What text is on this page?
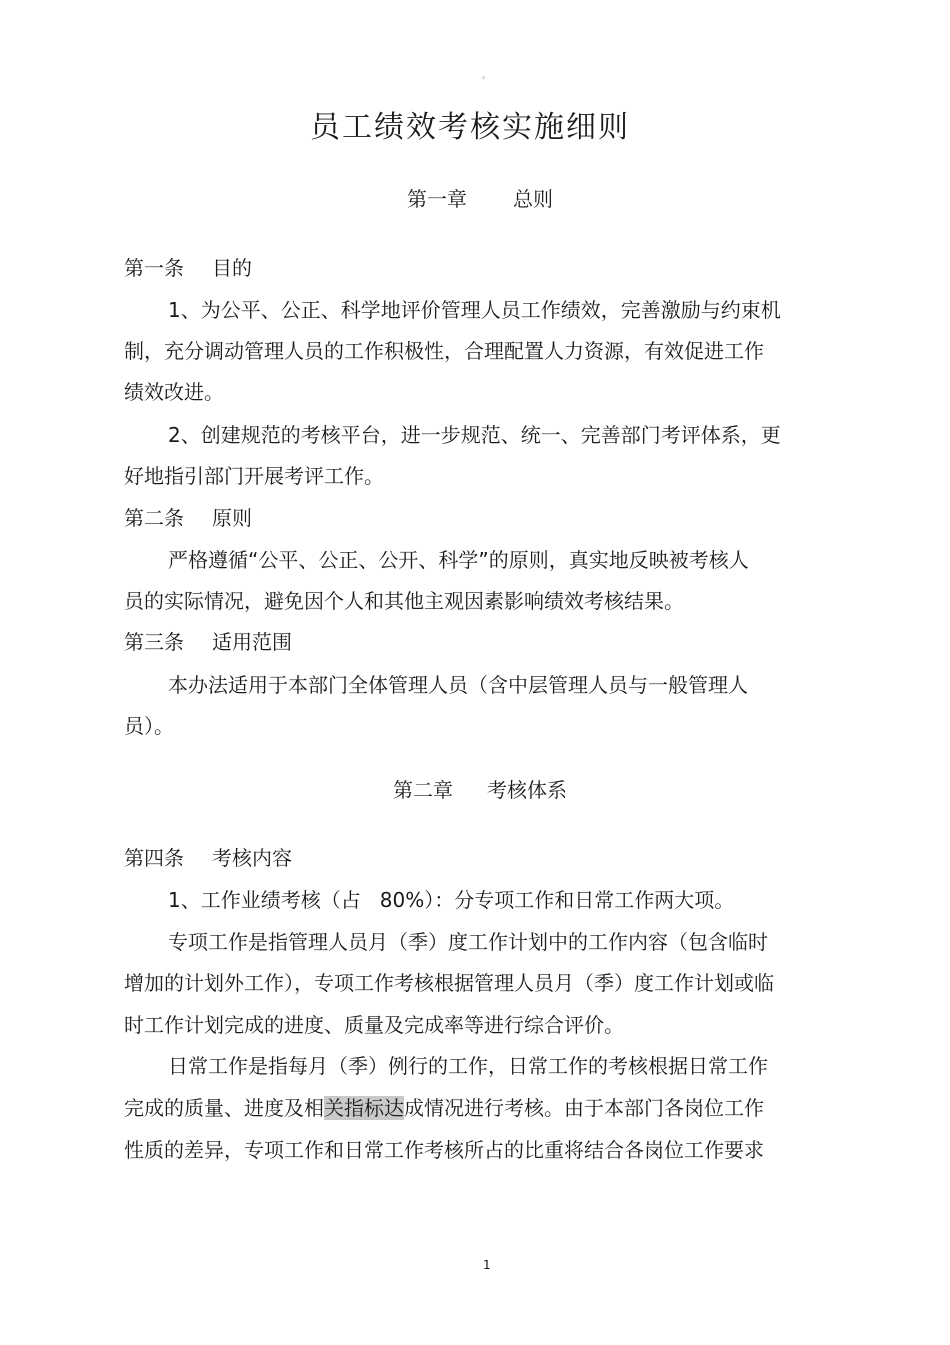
。
员工绩效考核实施细则
第一章 总则
第一条 目的
1、为公平、公正、科学地评价管理人员工作绩效，完善激励与约束机
制，充分调动管理人员的工作积极性，合理配置人力资源，有效促进工作
绩效改进。
2、创建规范的考核平台，进一步规范、统一、完善部门考评体系，更
好地指引部门开展考评工作。
第二条 原则
严格遵循“公平、公正、公开、科学”的原则，真实地反映被考核人
员的实际情况，避免因个人和其他主观因素影响绩效考核结果。
第三条 适用范围
本办法适用于本部门全体管理人员（含中层管理人员与一般管理人
员）。
第二章 考核体系
第四条 考核内容
1、工作业绩考核（占   80%）：分专项工作和日常工作两大项。
专项工作是指管理人员月（季）度工作计划中的工作内容（包含临时
增加的计划外工作），专项工作考核根据管理人员月（季）度工作计划或临
时工作计划完成的进度、质量及完成率等进行综合评价。
日常工作是指每月（季）例行的工作，日常工作的考核根据日常工作
完成的质量、进度及相关指标达成情况进行考核。由于本部门各岗位工作
性质的差异，专项工作和日常工作考核所占的比重将结合各岗位工作要求
1
